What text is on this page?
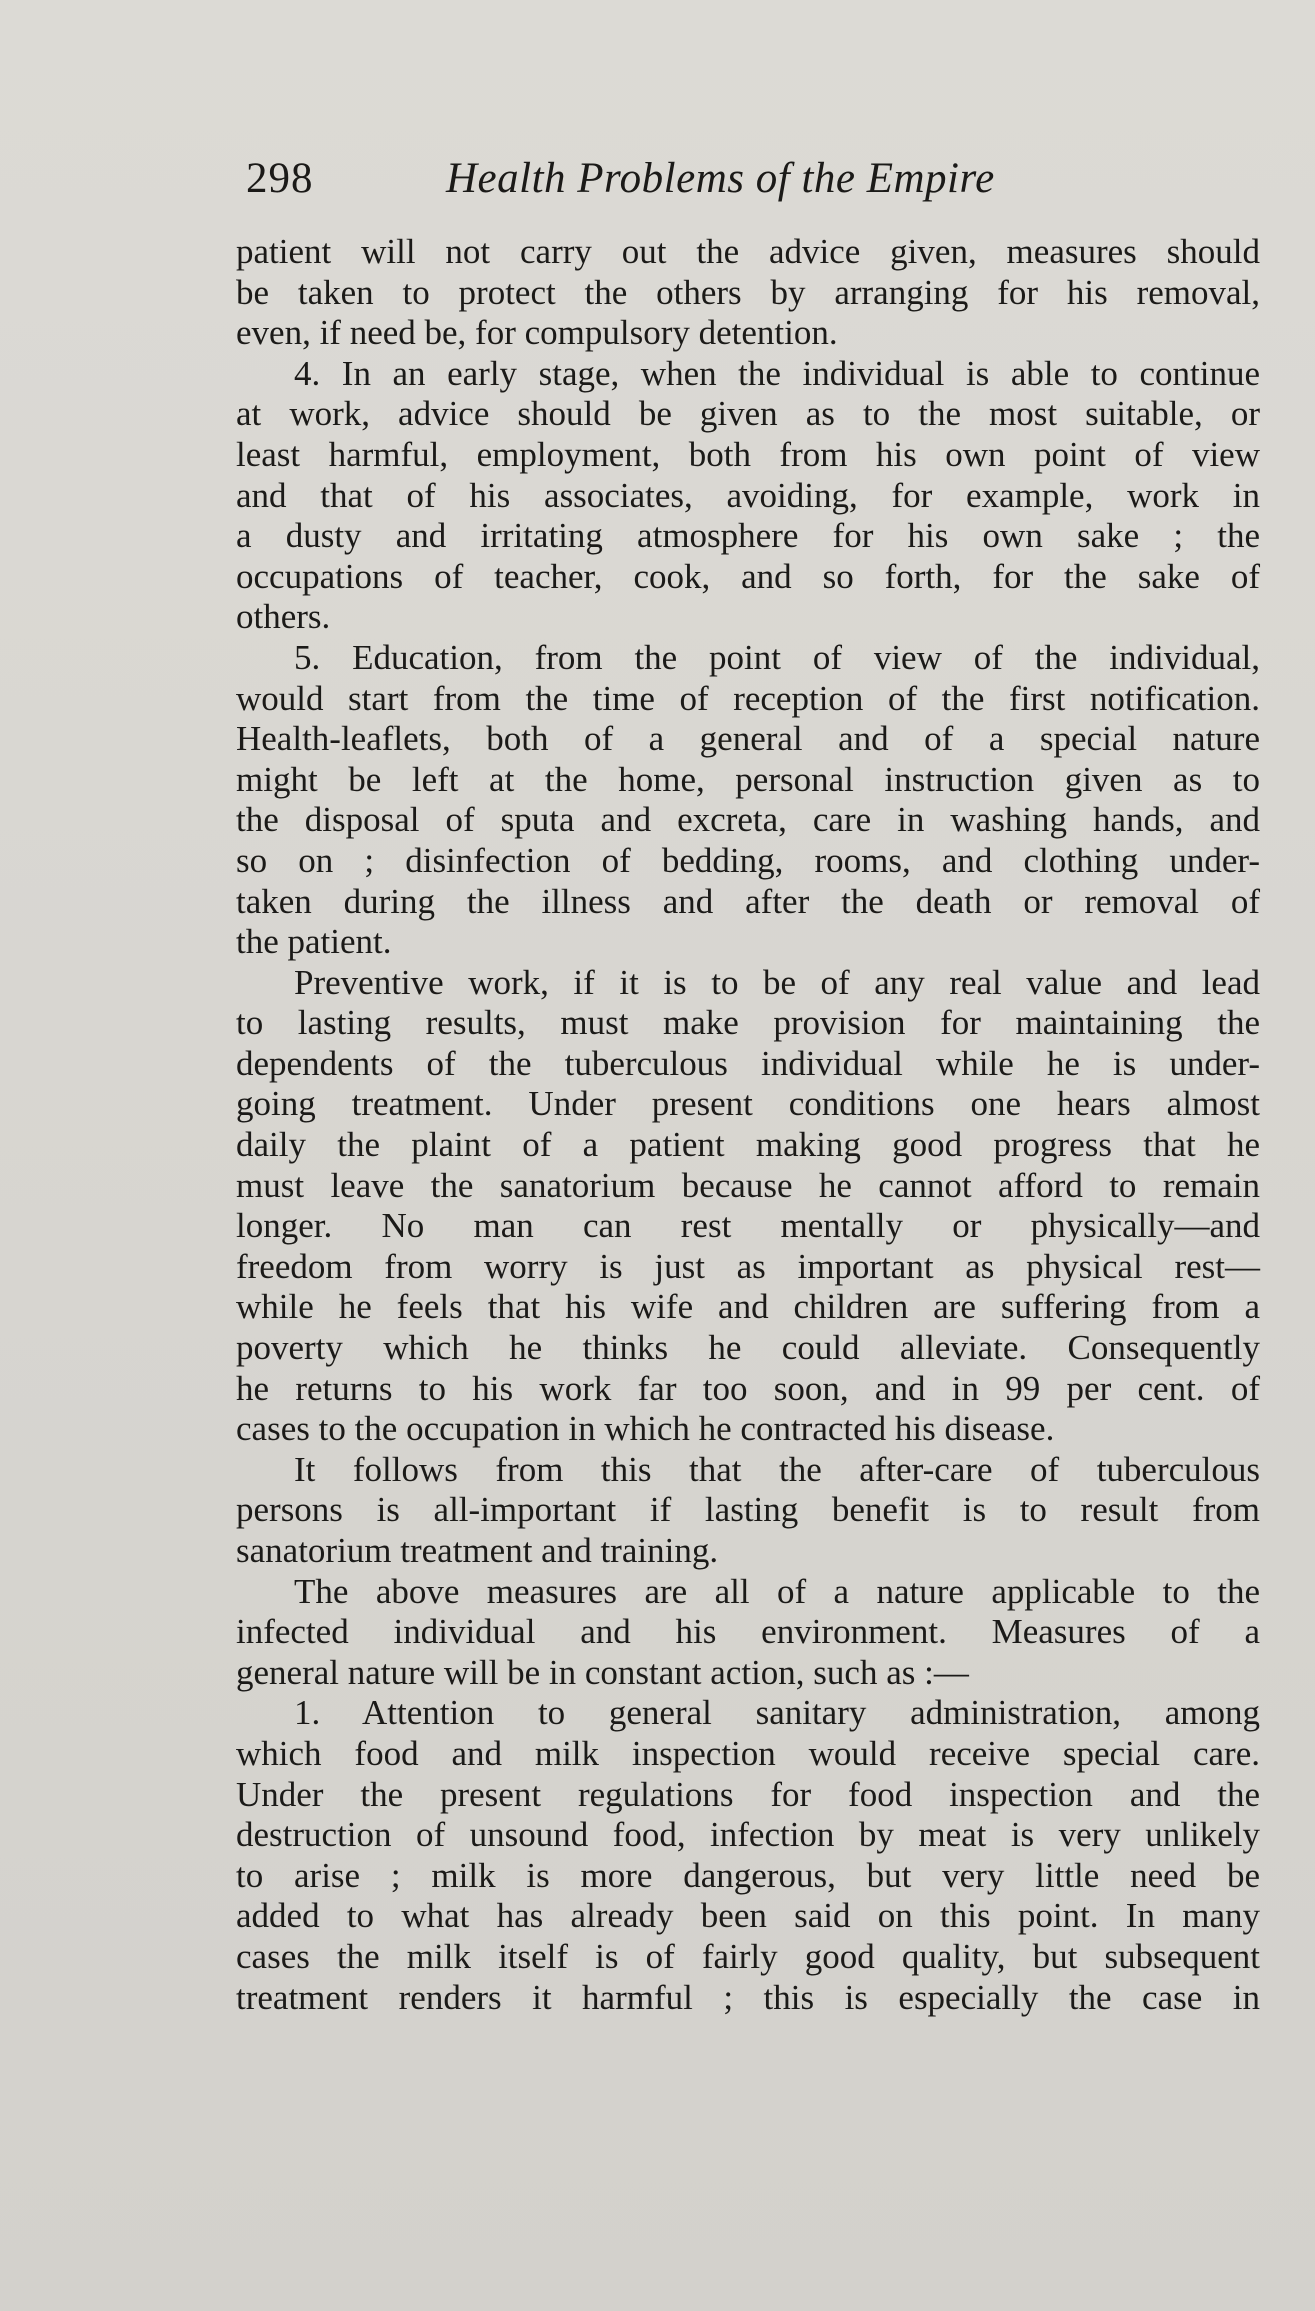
298	Health Problems of the Empire
patient will not carry out the advice given, measures should
be taken to protect the others by arranging for his removal,
even, if need be, for compulsory detention.
4. In an early stage, when the individual is able to continue
at work, advice should be given as to the most suitable, or
least harmful, employment, both from his own point of view
and that of his associates, avoiding, for example, work in
a dusty and irritating atmosphere for his own sake ; the
occupations of teacher, cook, and so forth, for the sake of
others.
5. Education, from the point of view of the individual,
would start from the time of reception of the first notification.
Health-leaflets, both of a general and of a special nature
might be left at the home, personal instruction given as to
the disposal of sputa and excreta, care in washing hands, and
so on ; disinfection of bedding, rooms, and clothing under-
taken during the illness and after the death or removal of
the patient.
Preventive work, if it is to be of any real value and lead
to lasting results, must make provision for maintaining the
dependents of the tuberculous individual while he is under-
going treatment. Under present conditions one hears almost
daily the plaint of a patient making good progress that he
must leave the sanatorium because he cannot afford to remain
longer. No man can rest mentally or physically—and
freedom from worry is just as important as physical rest—
while he feels that his wife and children are suffering from a
poverty which he thinks he could alleviate. Consequently
he returns to his work far too soon, and in 99 per cent. of
cases to the occupation in which he contracted his disease.
It follows from this that the after-care of tuberculous
persons is all-important if lasting benefit is to result from
sanatorium treatment and training.
The above measures are all of a nature applicable to the
infected individual and his environment. Measures of a
general nature will be in constant action, such as :—
1. Attention to general sanitary administration, among
which food and milk inspection would receive special care.
Under the present regulations for food inspection and the
destruction of unsound food, infection by meat is very unlikely
to arise ; milk is more dangerous, but very little need be
added to what has already been said on this point. In many
cases the milk itself is of fairly good quality, but subsequent
treatment renders it harmful ; this is especially the case in
